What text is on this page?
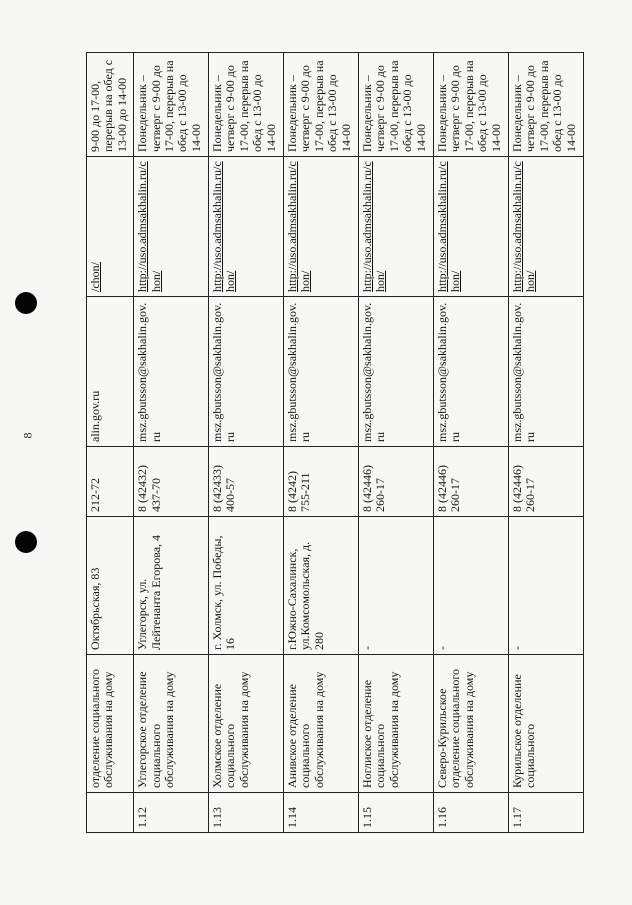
8
	отделение социального обслуживания на дому	Октябрьская, 83	212-72	alin.gov.ru	/chon/	9-00 до 17-00, перерыв на обед с 13-00 до 14-00

1.12	Углегорское отделение социального обслуживания на дому	Углегорск, ул. Лейтенанта Егорова, 4	8 (42432) 437-70	msz.gbutsson@sakhalin.gov.ru	http://uso.admsakhalin.ru/chon/	Понедельник – четверг с 9-00 до 17-00, перерыв на обед с 13-00 до 14-00

1.13	Холмское отделение социального обслуживания на дому	г. Холмск, ул. Победы, 16	8 (42433) 400-57	msz.gbutsson@sakhalin.gov.ru	http://uso.admsakhalin.ru/chon/	Понедельник – четверг с 9-00 до 17-00, перерыв на обед с 13-00 до 14-00

1.14	Анивское отделение социального обслуживания на дому	г.Южно-Сахалинск, ул.Комсомольская, д. 280	8 (4242) 755-211	msz.gbutsson@sakhalin.gov.ru	http://uso.admsakhalin.ru/chon/	Понедельник – четверг с 9-00 до 17-00, перерыв на обед с 13-00 до 14-00

1.15	Ноглискоe отделение социального обслуживания на дому	-	8 (42446) 260-17	msz.gbutsson@sakhalin.gov.ru	http://uso.admsakhalin.ru/chon/	Понедельник – четверг с 9-00 до 17-00, перерыв на обед с 13-00 до 14-00

1.16	Северо-Курильское отделение социального обслуживания на дому	-	8 (42446) 260-17	msz.gbutsson@sakhalin.gov.ru	http://uso.admsakhalin.ru/chon/	Понедельник – четверг с 9-00 до 17-00, перерыв на обед с 13-00 до 14-00

1.17	Курильское отделение социального	-	8 (42446) 260-17	msz.gbutsson@sakhalin.gov.ru	http://uso.admsakhalin.ru/chon/	Понедельник – четверг с 9-00 до 17-00, перерыв на обед с 13-00 до 14-00
